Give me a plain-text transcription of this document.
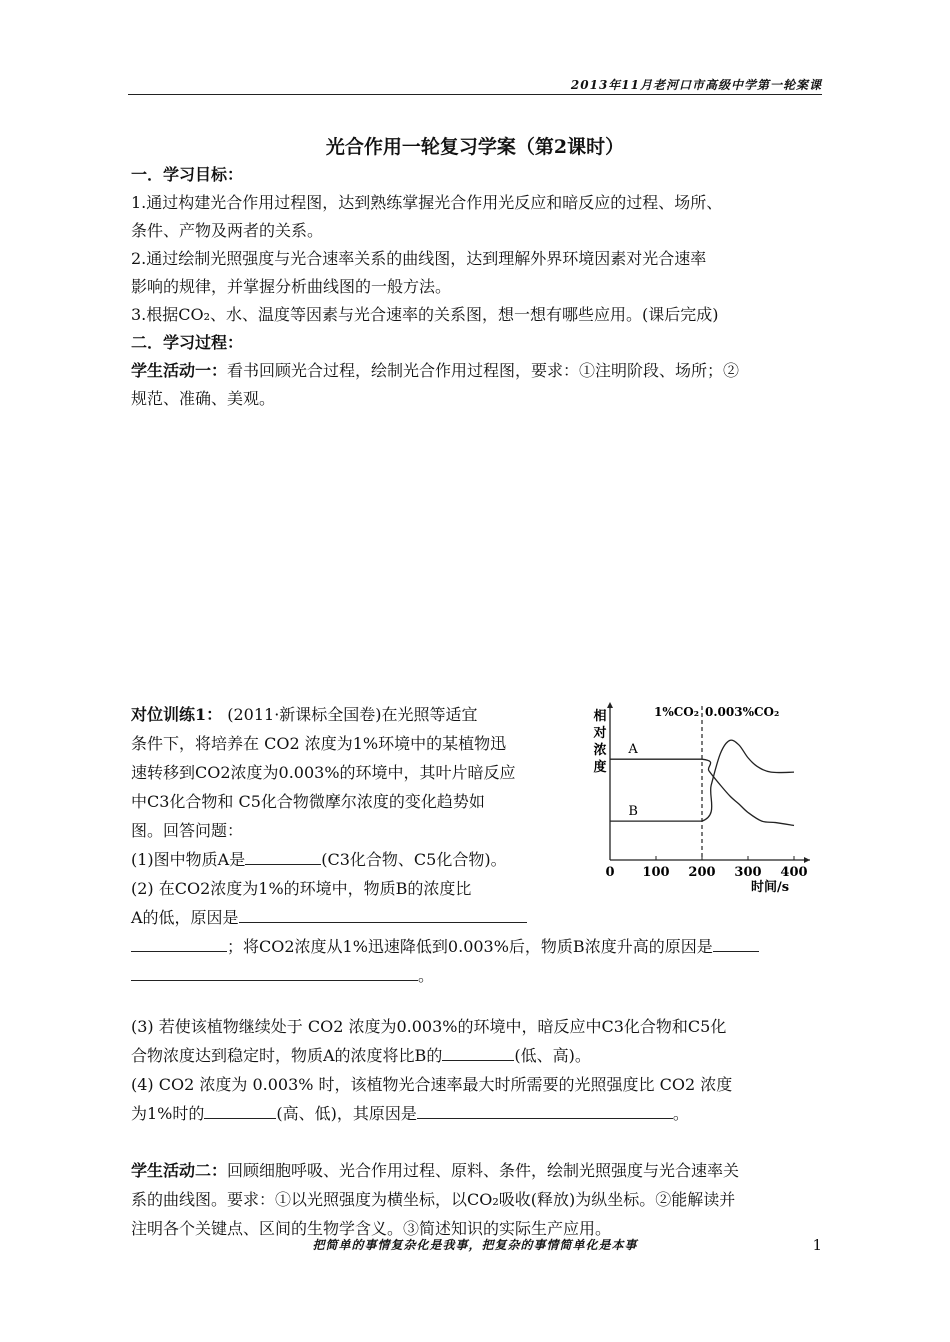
2013年11月老河口市高级中学第一轮案课
光合作用一轮复习学案（第2课时）
一．学习目标：
1.通过构建光合作用过程图，达到熟练掌握光合作用光反应和暗反应的过程、场所、
条件、产物及两者的关系。
2.通过绘制光照强度与光合速率关系的曲线图，达到理解外界环境因素对光合速率
影响的规律，并掌握分析曲线图的一般方法。
3.根据CO₂、水、温度等因素与光合速率的关系图，想一想有哪些应用。(课后完成)
二．学习过程：
学生活动一：看书回顾光合过程，绘制光合作用过程图，要求：①注明阶段、场所；②
规范、准确、美观。
对位训练1： (2011·新课标全国卷)在光照等适宜
条件下，将培养在 CO2 浓度为1%环境中的某植物迅
速转移到CO2浓度为0.003%的环境中，其叶片暗反应
中C3化合物和 C5化合物微摩尔浓度的变化趋势如
图。回答问题：
(1)图中物质A是	(C3化合物、C5化合物)。
(2) 在CO2浓度为1%的环境中，物质B的浓度比
A的低，原因是
；将CO2浓度从1%迅速降低到0.003%后，物质B浓度升高的原因是
。
(3) 若使该植物继续处于 CO2 浓度为0.003%的环境中，暗反应中C3化合物和C5化
合物浓度达到稳定时，物质A的浓度将比B的	(低、高)。
(4) CO2 浓度为 0.003% 时，该植物光合速率最大时所需要的光照强度比 CO2 浓度
为1%时的	(高、低)，其原因是	。
学生活动二：回顾细胞呼吸、光合作用过程、原料、条件，绘制光照强度与光合速率关
系的曲线图。要求：①以光照强度为横坐标，以CO₂吸收(释放)为纵坐标。②能解读并
注明各个关键点、区间的生物学含义。③简述知识的实际生产应用。
相
对
浓
度
1%CO₂ 0.003%CO₂
0 100 200 300 400
A
B
时间/s
把简单的事情复杂化是我事，把复杂的事情简单化是本事	1
